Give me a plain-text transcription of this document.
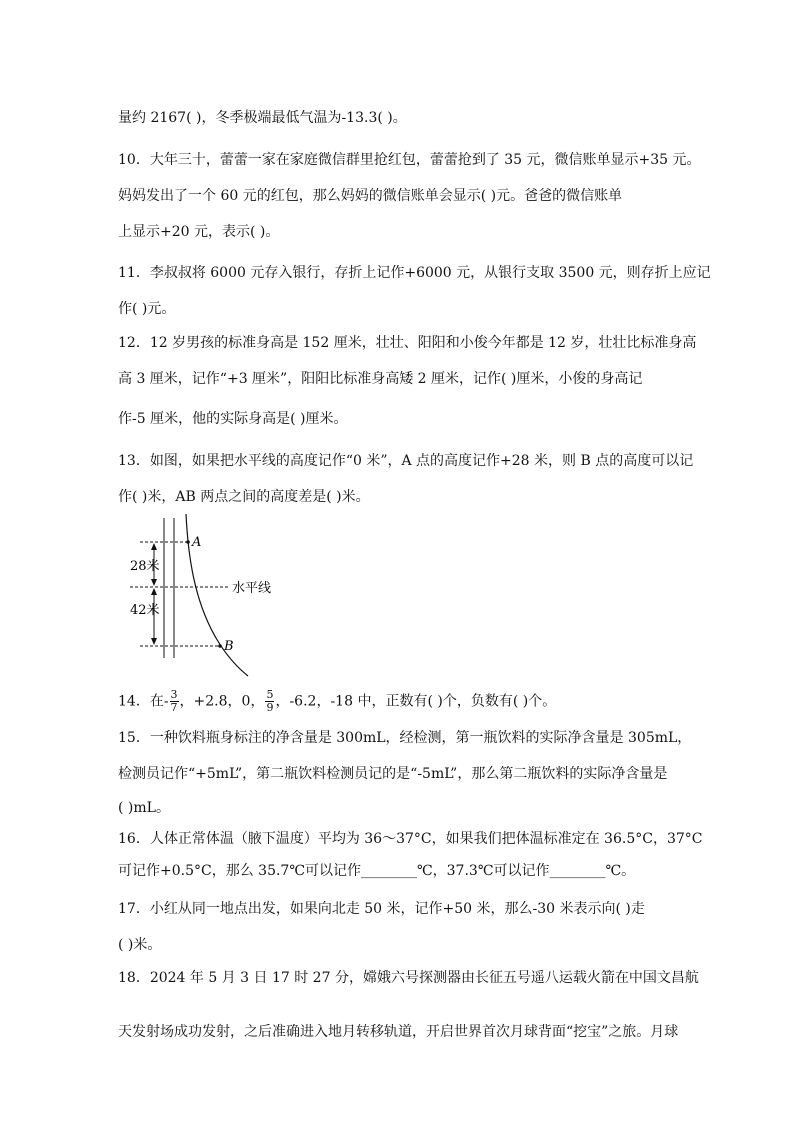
量约 2167( )，冬季极端最低气温为-13.3( )。
10．大年三十，蕾蕾一家在家庭微信群里抢红包，蕾蕾抢到了 35 元，微信账单显示+35 元。
妈妈发出了一个 60 元的红包，那么妈妈的微信账单会显示( )元。爸爸的微信账单
上显示+20 元，表示( )。
11．李叔叔将 6000 元存入银行，存折上记作+6000 元，从银行支取 3500 元，则存折上应记
作( )元。
12．12 岁男孩的标准身高是 152 厘米，壮壮、阳阳和小俊今年都是 12 岁，壮壮比标准身高
高 3 厘米，记作“+3 厘米”，阳阳比标准身高矮 2 厘米，记作( )厘米，小俊的身高记
作-5 厘米，他的实际身高是( )厘米。
13．如图，如果把水平线的高度记作“0 米”，A 点的高度记作+28 米，则 B 点的高度可以记
作( )米，AB 两点之间的高度差是( )米。
28米
42米
水平线
A
B
14．在- $\frac{3}{7}$ ，+2.8，0， $\frac{5}{9}$ ，-6.2，-18 中，正数有( )个，负数有( )个。
15．一种饮料瓶身标注的净含量是 300mL，经检测，第一瓶饮料的实际净含量是 305mL，
检测员记作“+5mL”，第二瓶饮料检测员记的是“-5mL”，那么第二瓶饮料的实际净含量是
( )mL。
16．人体正常体温（腋下温度）平均为 36～37°C，如果我们把体温标准定在 36.5°C，37°C
可记作+0.5°C，那么 35.7℃可以记作________℃，37.3℃可以记作________℃。
17．小红从同一地点出发，如果向北走 50 米，记作+50 米，那么-30 米表示向( )走
( )米。
18．2024 年 5 月 3 日 17 时 27 分，嫦娥六号探测器由长征五号遥八运载火箭在中国文昌航
天发射场成功发射，之后准确进入地月转移轨道，开启世界首次月球背面“挖宝”之旅。月球
